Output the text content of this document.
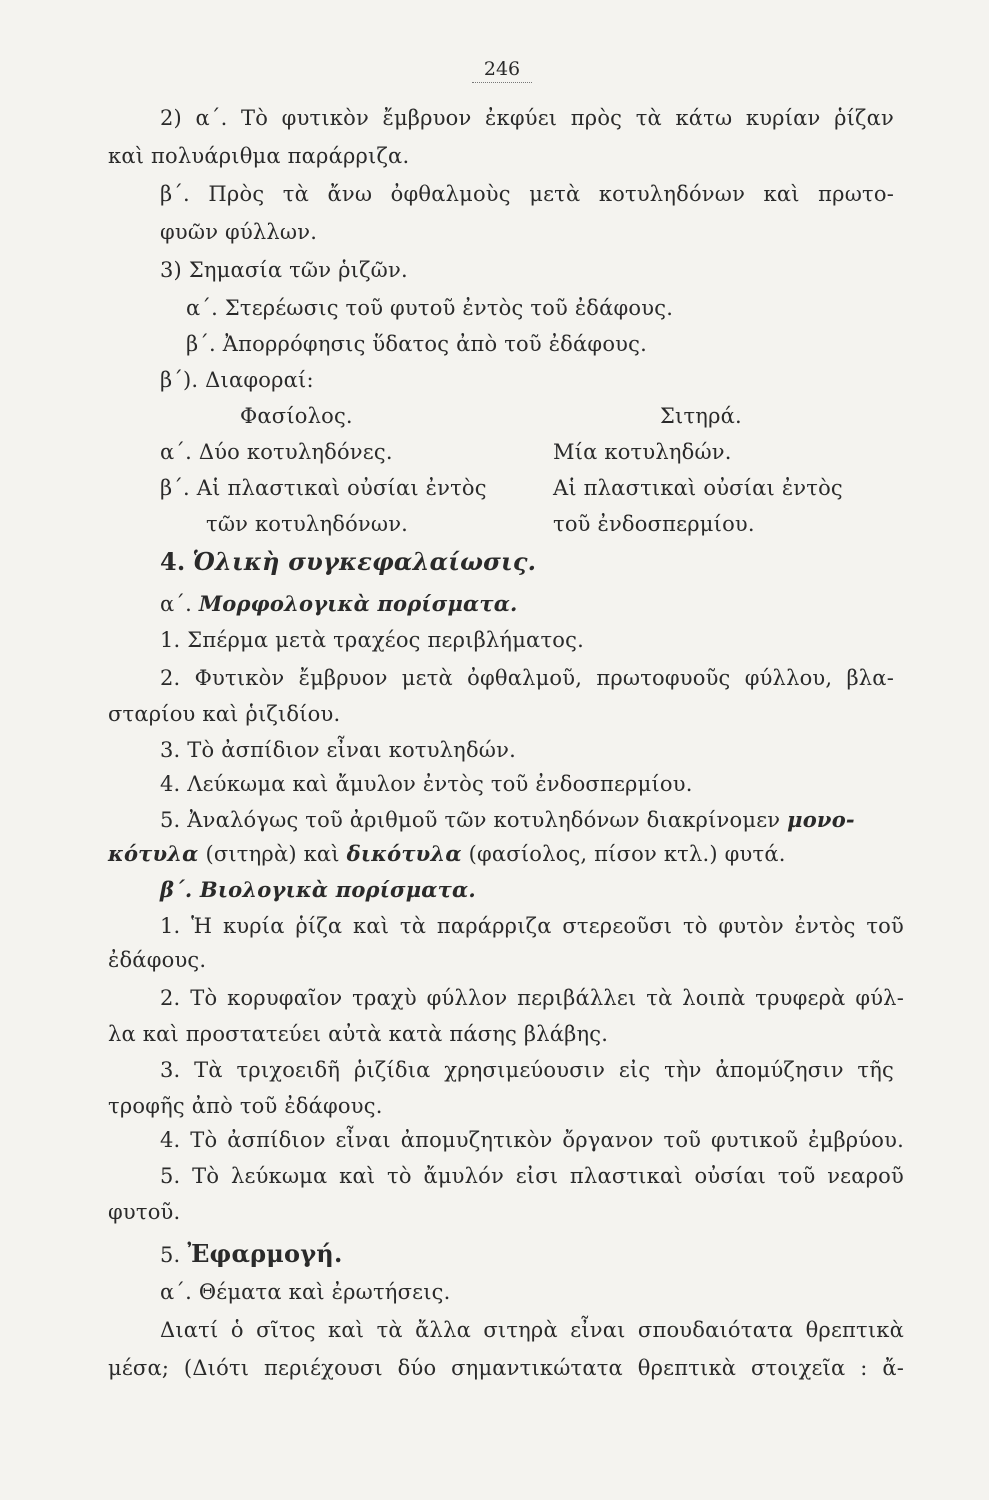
246
2) α΄. Τὸ φυτικὸν ἔμβρυον ἐκφύει πρὸς τὰ κάτω κυρίαν ῥίζαν
καὶ πολυάριθμα παράρριζα.
β΄. Πρὸς τὰ ἄνω ὀφθαλμοὺς μετὰ κοτυληδόνων καὶ πρωτο-
φυῶν φύλλων.
3) Σημασία τῶν ῥιζῶν.
α΄. Στερέωσις τοῦ φυτοῦ ἐντὸς τοῦ ἐδάφους.
β΄. Ἀπορρόφησις ὕδατος ἀπὸ τοῦ ἐδάφους.
β΄). Διαφοραί:
Φασίολος.	Σιτηρά.
α΄. Δύο κοτυληδόνες.	Μία κοτυληδών.
β΄. Αἱ πλαστικαὶ οὐσίαι ἐντὸς	Αἱ πλαστικαὶ οὐσίαι ἐντὸς
τῶν κοτυληδόνων.	τοῦ ἐνδοσπερμίου.
4. Ὁλικὴ συγκεφαλαίωσις.
α΄. Μορφολογικὰ πορίσματα.
1. Σπέρμα μετὰ τραχέος περιβλήματος.
2. Φυτικὸν ἔμβρυον μετὰ ὀφθαλμοῦ, πρωτοφυοῦς φύλλου, βλα-
σταρίου καὶ ῥιζιδίου.
3. Τὸ ἀσπίδιον εἶναι κοτυληδών.
4. Λεύκωμα καὶ ἄμυλον ἐντὸς τοῦ ἐνδοσπερμίου.
5. Ἀναλόγως τοῦ ἀριθμοῦ τῶν κοτυληδόνων διακρίνομεν μονο-
κότυλα (σιτηρὰ) καὶ δικότυλα (φασίολος, πίσον κτλ.) φυτά.
β΄. Βιολογικὰ πορίσματα.
1. Ἡ κυρία ῥίζα καὶ τὰ παράρριζα στερεοῦσι τὸ φυτὸν ἐντὸς τοῦ
ἐδάφους.
2. Τὸ κορυφαῖον τραχὺ φύλλον περιβάλλει τὰ λοιπὰ τρυφερὰ φύλ-
λα καὶ προστατεύει αὐτὰ κατὰ πάσης βλάβης.
3. Τὰ τριχοειδῆ ῥιζίδια χρησιμεύουσιν εἰς τὴν ἀπομύζησιν τῆς
τροφῆς ἀπὸ τοῦ ἐδάφους.
4. Τὸ ἀσπίδιον εἶναι ἀπομυζητικὸν ὄργανον τοῦ φυτικοῦ ἐμβρύου.
5. Τὸ λεύκωμα καὶ τὸ ἄμυλόν εἰσι πλαστικαὶ οὐσίαι τοῦ νεαροῦ
φυτοῦ.
5. Ἐφαρμογή.
α΄. Θέματα καὶ ἐρωτήσεις.
Διατί ὁ σῖτος καὶ τὰ ἄλλα σιτηρὰ εἶναι σπουδαιότατα θρεπτικὰ
μέσα; (Διότι περιέχουσι δύο σημαντικώτατα θρεπτικὰ στοιχεῖα : ἄ-
